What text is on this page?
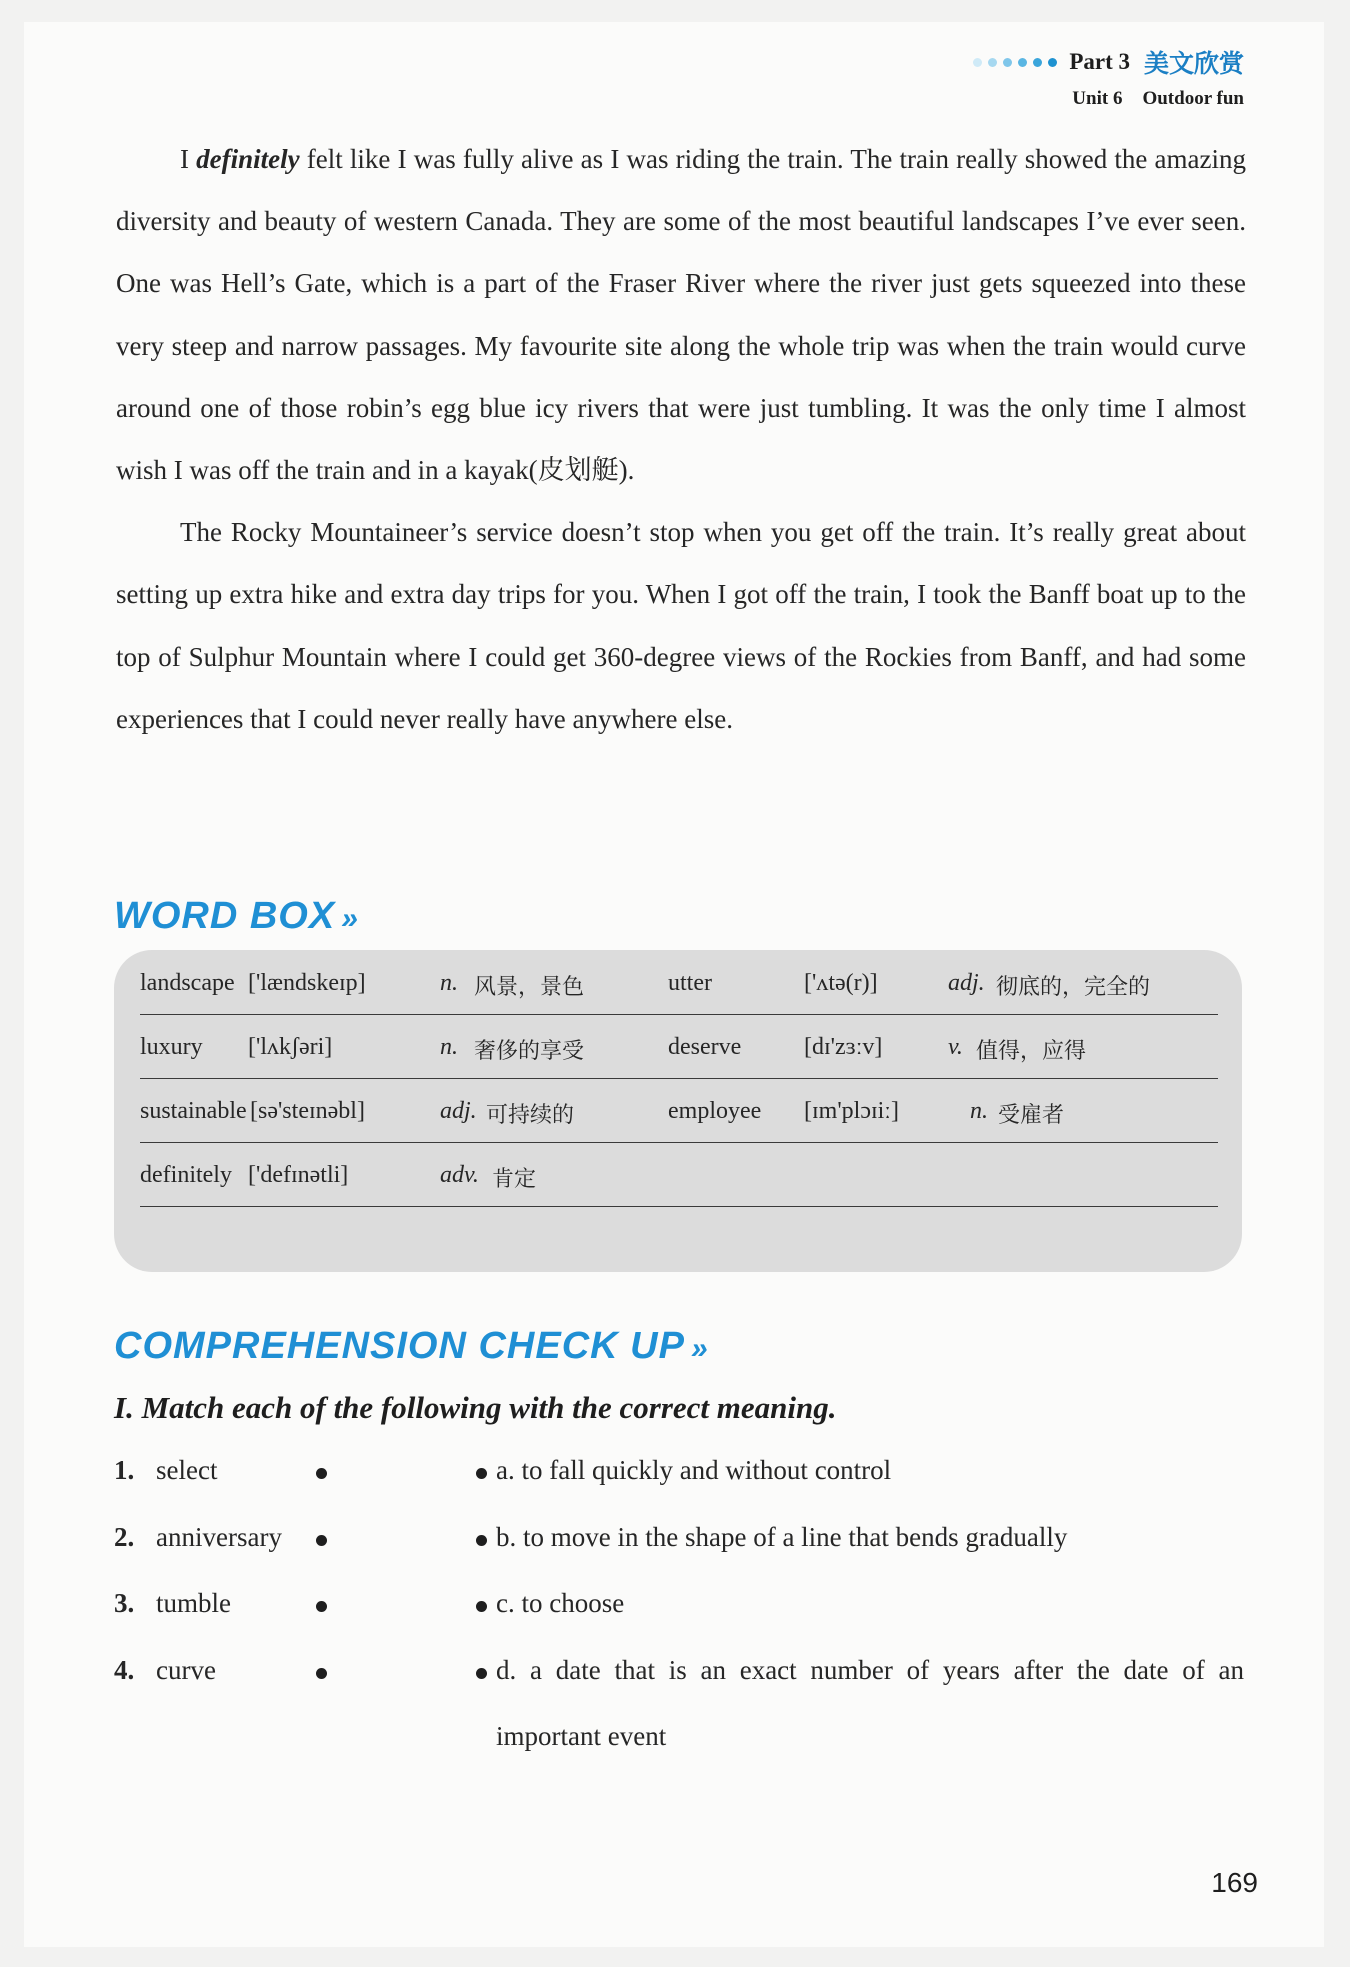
Part 3 美文欣赏
Unit 6 Outdoor fun

I definitely felt like I was fully alive as I was riding the train. The train really showed the amazing diversity and beauty of western Canada. They are some of the most beautiful landscapes I’ve ever seen. One was Hell’s Gate, which is a part of the Fraser River where the river just gets squeezed into these very steep and narrow passages. My favourite site along the whole trip was when the train would curve around one of those robin’s egg blue icy rivers that were just tumbling. It was the only time I almost wish I was off the train and in a kayak(皮划艇).

The Rocky Mountaineer’s service doesn’t stop when you get off the train. It’s really great about setting up extra hike and extra day trips for you. When I got off the train, I took the Banff boat up to the top of Sulphur Mountain where I could get 360-degree views of the Rockies from Banff, and had some experiences that I could never really have anywhere else.

WORD BOX »
landscape ['lændskeɪp]	n. 风景，景色	utter	['ʌtə(r)]	adj. 彻底的，完全的
luxury ['lʌkʃəri]	n. 奢侈的享受	deserve	[dɪ'zɜːv]	v. 值得，应得
sustainable [sə'steɪnəbl]	adj. 可持续的	employee [ɪm'plɔɪiː]	n. 受雇者
definitely ['defɪnətli]	adv. 肯定
COMPREHENSION CHECK UP »
I. Match each of the following with the correct meaning.
1. select	a. to fall quickly and without control
2. anniversary	b. to move in the shape of a line that bends gradually
3. tumble	c. to choose
4. curve	d. a date that is an exact number of years after the date of an important event
169
